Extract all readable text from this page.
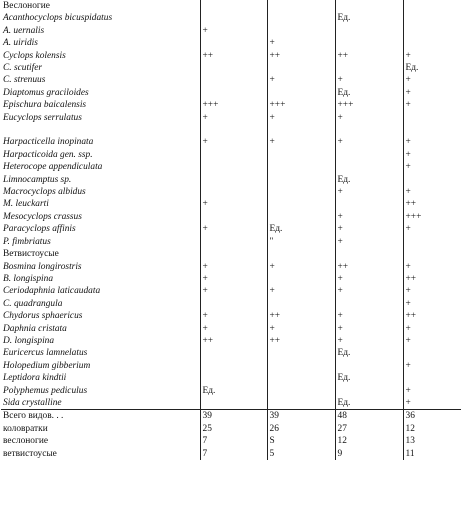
Веслоногие				
Acanthocyclops bicuspidatus			Ед.	
A. uernalis	+			
A. uiridis		+		
Cyclops kolensis	++	++	++	+
C. scutifer				Ед.
C. strenuus		+	+	+
Diaptomus graciloides			Ед.	+
Epischura baicalensis	+++	+++	+++	+
Eucyclops serrulatus	+	+	+	

Harpacticella inopinata	+	+	+	+
Harpacticoida gen. ssp.				+
Heterocope appendiculata				+
Limnocamptus sp.			Ед.	
Macrocyclops albidus			+	+
M. leuckarti	+			++
Mesocyclops crassus			+	+++
Paracyclops affinis	+	Ед.	+	+
P. fimbriatus		"	+	
Ветвистоусые				
Bosmina longirostris	+	+	++	+
B. longispina	+		+	++
Ceriodaphnia laticaudata	+	+	+	+
C. quadrangula				+
Chydorus sphaericus	+	++	+	++
Daphnia cristata	+	+	+	+
D. longispina	++	++	+	+
Euricercus lamnelatus			Ед.	
Holopedium gibberium				+
Leptidora kindtii			Ед.	
Polyphemus pediculus	Ед.			+
Sida crystalline			Ед.	+
Всего видов. . .	39	39	48	36
коловратки	25	26	27	12
веслоногие	7	S	12	13
ветвистоусые	7	5	9	11
